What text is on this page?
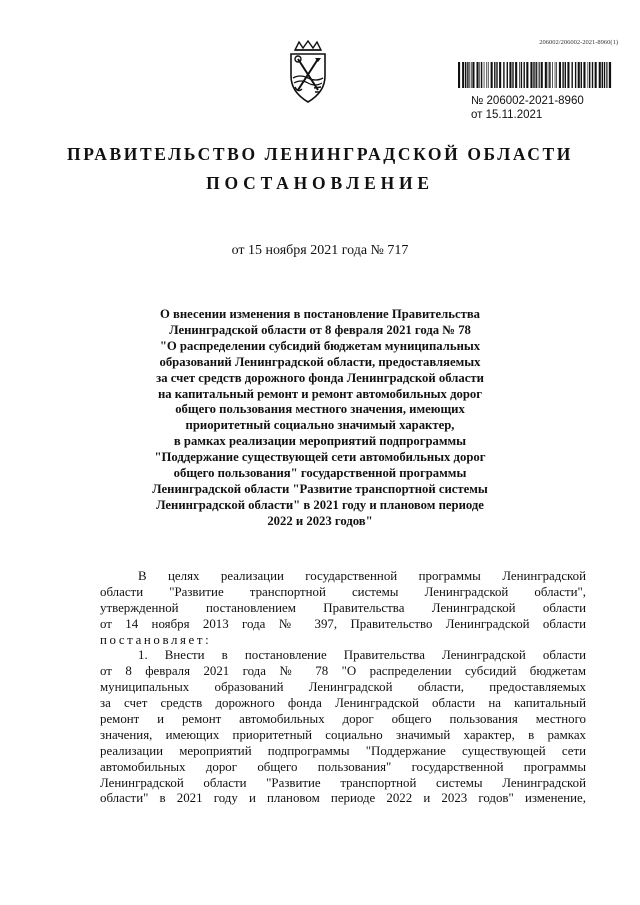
206002/206002-2021-8960(1)
№ 206002-2021-8960
от 15.11.2021
ПРАВИТЕЛЬСТВО ЛЕНИНГРАДСКОЙ ОБЛАСТИ
ПОСТАНОВЛЕНИЕ
от 15 ноября 2021 года № 717
О внесении изменения в постановление Правительства
Ленинградской области от 8 февраля 2021 года № 78
"О распределении субсидий бюджетам муниципальных
образований Ленинградской области, предоставляемых
за счет средств дорожного фонда Ленинградской области
на капитальный ремонт и ремонт автомобильных дорог
общего пользования местного значения, имеющих
приоритетный социально значимый характер,
в рамках реализации мероприятий подпрограммы
"Поддержание существующей сети автомобильных дорог
общего пользования" государственной программы
Ленинградской области "Развитие транспортной системы
Ленинградской области" в 2021 году и плановом периоде
2022 и 2023 годов"
В целях реализации государственной программы Ленинградской
области "Развитие транспортной системы Ленинградской области",
утвержденной постановлением Правительства Ленинградской области
от 14 ноября 2013 года № 397, Правительство Ленинградской области
постановляет:
1. Внести в постановление Правительства Ленинградской области
от 8 февраля 2021 года № 78 "О распределении субсидий бюджетам
муниципальных образований Ленинградской области, предоставляемых
за счет средств дорожного фонда Ленинградской области на капитальный
ремонт и ремонт автомобильных дорог общего пользования местного
значения, имеющих приоритетный социально значимый характер, в рамках
реализации мероприятий подпрограммы "Поддержание существующей сети
автомобильных дорог общего пользования" государственной программы
Ленинградской области "Развитие транспортной системы Ленинградской
области" в 2021 году и плановом периоде 2022 и 2023 годов" изменение,
